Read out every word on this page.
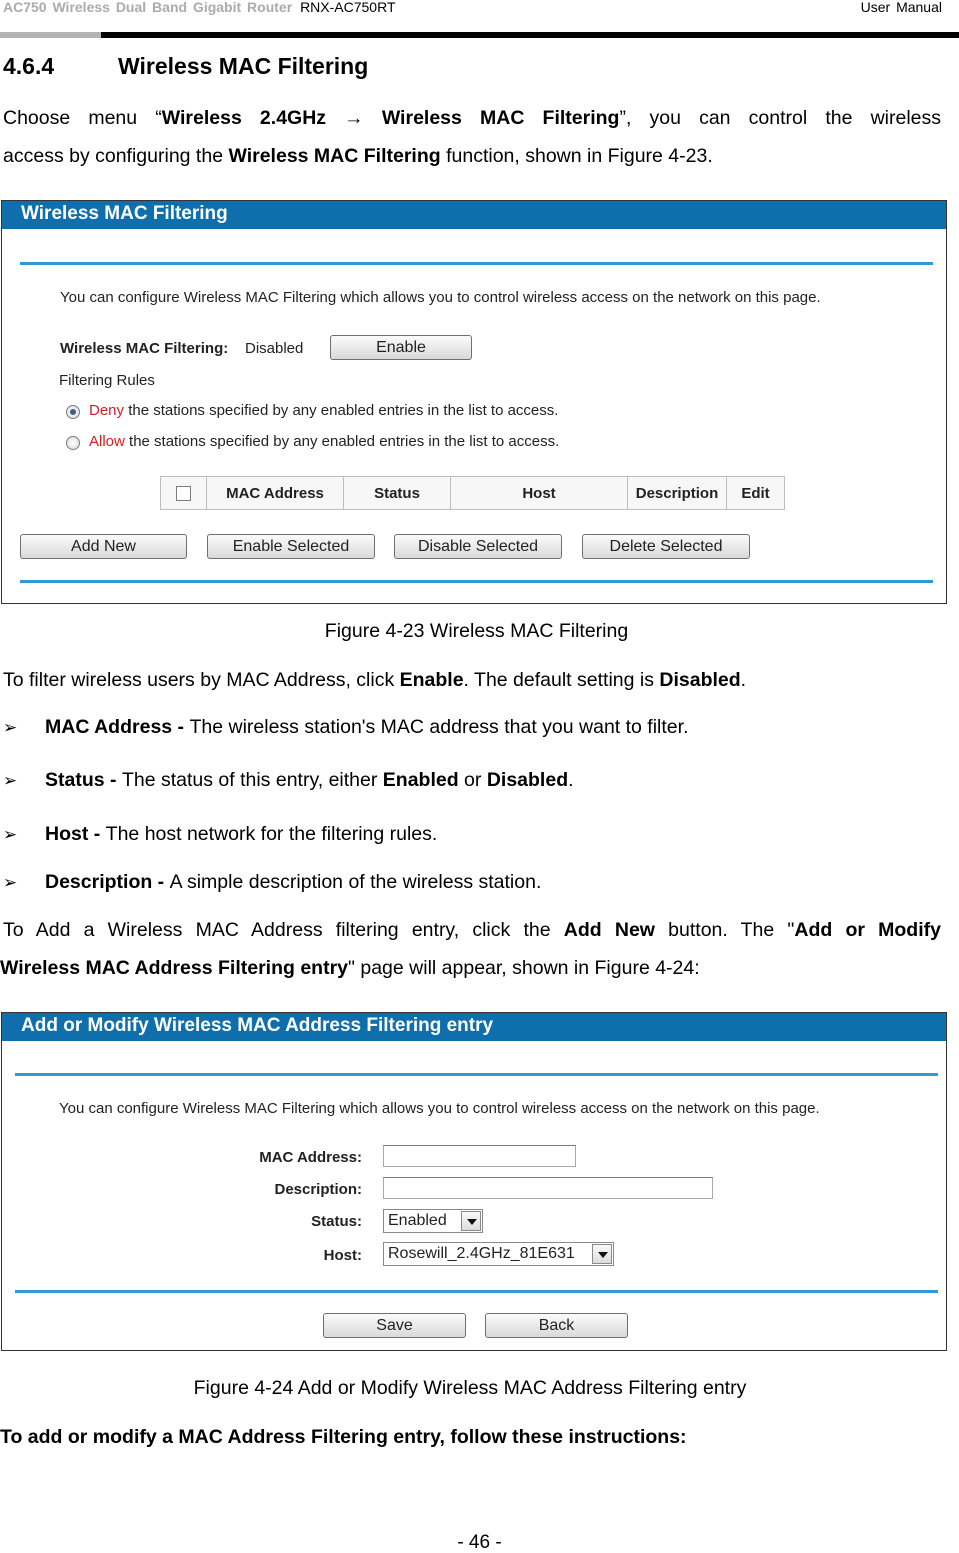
AC750 Wireless Dual Band Gigabit Router RNX-AC750RT	User Manual
4.6.4	Wireless MAC Filtering
Choose menu “Wireless 2.4GHz → Wireless MAC Filtering”, you can control the wireless
access by configuring the Wireless MAC Filtering function, shown in Figure 4-23.
Wireless MAC Filtering
You can configure Wireless MAC Filtering which allows you to control wireless access on the network on this page.
Wireless MAC Filtering: Disabled	Enable
Filtering Rules
Deny the stations specified by any enabled entries in the list to access.
Allow the stations specified by any enabled entries in the list to access.
	MAC Address	Status	Host	Description	Edit
Add New	Enable Selected	Disable Selected	Delete Selected
Figure 4-23 Wireless MAC Filtering
To filter wireless users by MAC Address, click Enable. The default setting is Disabled.
➢ MAC Address - The wireless station's MAC address that you want to filter.
➢ Status - The status of this entry, either Enabled or Disabled.
➢ Host - The host network for the filtering rules.
➢ Description - A simple description of the wireless station.
To Add a Wireless MAC Address filtering entry, click the Add New button. The "Add or Modify
Wireless MAC Address Filtering entry" page will appear, shown in Figure 4-24:
Add or Modify Wireless MAC Address Filtering entry
You can configure Wireless MAC Filtering which allows you to control wireless access on the network on this page.
MAC Address:
Description:
Status:	Enabled
Host:	Rosewill_2.4GHz_81E631
Save	Back
Figure 4-24 Add or Modify Wireless MAC Address Filtering entry
To add or modify a MAC Address Filtering entry, follow these instructions:
- 46 -
